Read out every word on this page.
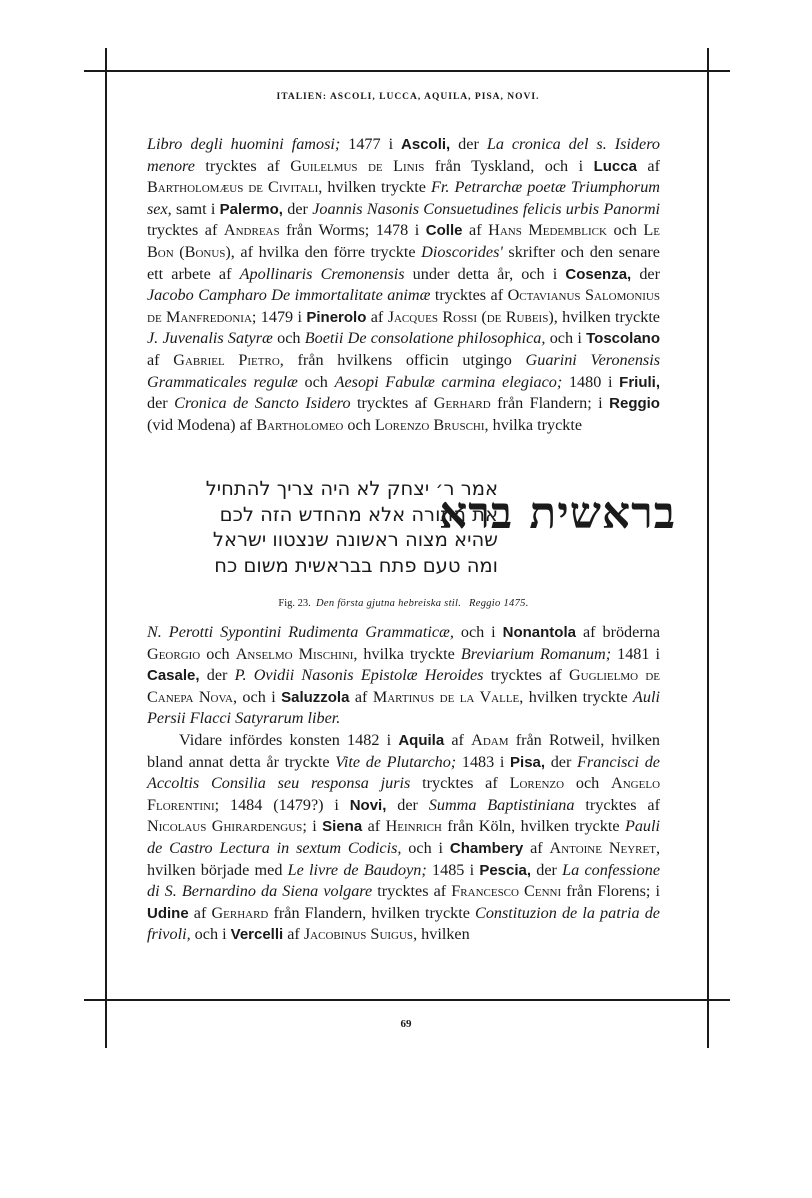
ITALIEN: ASCOLI, LUCCA, AQUILA, PISA, NOVI.

Libro degli huomini famosi; 1477 i Ascoli, der La cronica del s. Isidero menore trycktes af Guilelmus de Linis från Tyskland, och i Lucca af Bartholomæus de Civitali, hvilken tryckte Fr. Petrarchæ poetæ Triumphorum sex, samt i Palermo, der Joannis Nasonis Consuetudines felicis urbis Panormi trycktes af Andreas från Worms; 1478 i Colle af Hans Medemblick och Le Bon (Bonus), af hvilka den förre tryckte Dioscorides' skrifter och den senare ett arbete af Apollinaris Cremonensis under detta år, och i Cosenza, der Jacobo Campharo De immortalitate animæ trycktes af Octavianus Salomonius de Manfredonia; 1479 i Pinerolo af Jacques Rossi (de Rubeis), hvilken tryckte J. Juvenalis Satyræ och Boetii De consolatione philosophica, och i Toscolano af Gabriel Pietro, från hvilkens officin utgingo Guarini Veronensis Grammaticales regulæ och Aesopi Fabulæ carmina elegiaco; 1480 i Friuli, der Cronica de Sancto Isidero trycktes af Gerhard från Flandern; i Reggio (vid Modena) af Bartholomeo och Lorenzo Bruschi, hvilka tryckte

בראשית ברא
אמר ר׳ יצחק לא היה צריך להתחיל
את התורה אלא מהחדש הזה לכם
שהיא מצוה ראשונה שנצטוו ישראל
ומה טעם פתח בבראשית משום כח
Fig. 23. Den första gjutna hebreiska stil. Reggio 1475.

N. Perotti Sypontini Rudimenta Grammaticæ, och i Nonantola af bröderna Georgio och Anselmo Mischini, hvilka tryckte Breviarium Romanum; 1481 i Casale, der P. Ovidii Nasonis Epistolæ Heroides trycktes af Guglielmo de Canepa Nova, och i Saluzzola af Martinus de la Valle, hvilken tryckte Auli Persii Flacci Satyrarum liber.

Vidare infördes konsten 1482 i Aquila af Adam från Rotweil, hvilken bland annat detta år tryckte Vite de Plutarcho; 1483 i Pisa, der Francisci de Accoltis Consilia seu responsa juris trycktes af Lorenzo och Angelo Florentini; 1484 (1479?) i Novi, der Summa Baptistiniana trycktes af Nicolaus Ghirardengus; i Siena af Heinrich från Köln, hvilken tryckte Pauli de Castro Lectura in sextum Codicis, och i Chambery af Antoine Neyret, hvilken började med Le livre de Baudoyn; 1485 i Pescia, der La confessione di S. Bernardino da Siena volgare trycktes af Francesco Cenni från Florens; i Udine af Gerhard från Flandern, hvilken tryckte Constituzion de la patria de frivoli, och i Vercelli af Jacobinus Suigus, hvilken

69
